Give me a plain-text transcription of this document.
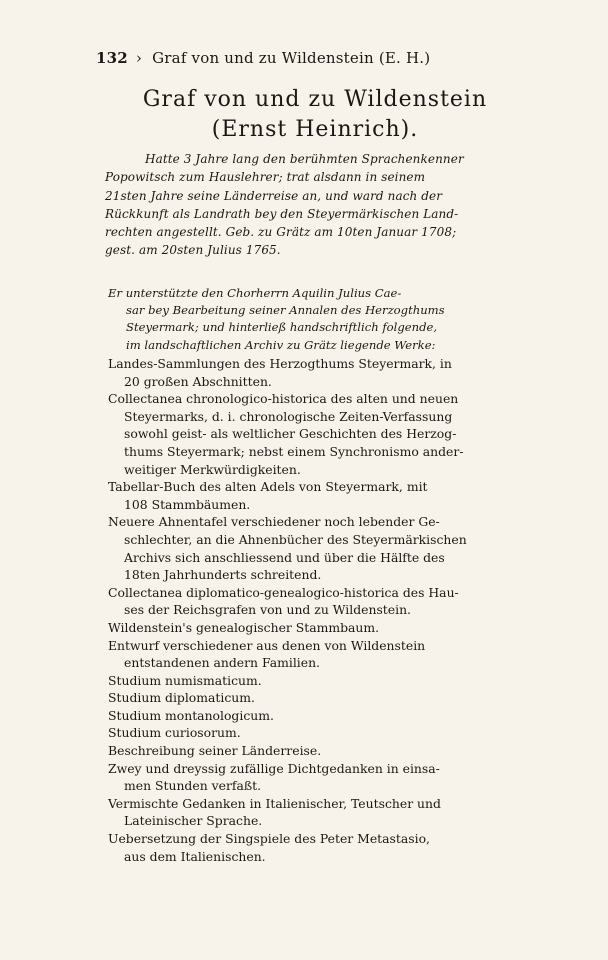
132 › Graf von und zu Wildenstein (E. H.)
Graf von und zu Wildenstein
(Ernst Heinrich).
Hatte 3 Jahre lang den berühmten Sprachenkenner
Popowitsch zum Hauslehrer; trat alsdann in seinem
21sten Jahre seine Länderreise an, und ward nach der
Rückkunft als Landrath bey den Steyermärkischen Land-
rechten angestellt. Geb. zu Grätz am 10ten Januar 1708;
gest. am 20sten Julius 1765.
Er unterstützte den Chorherrn Aquilin Julius Cae-
sar bey Bearbeitung seiner Annalen des Herzogthums
Steyermark; und hinterließ handschriftlich folgende,
im landschaftlichen Archiv zu Grätz liegende Werke:
Landes-Sammlungen des Herzogthums Steyermark, in
20 großen Abschnitten.
Collectanea chronologico-historica des alten und neuen
Steyermarks, d. i. chronologische Zeiten-Verfassung
sowohl geist- als weltlicher Geschichten des Herzog-
thums Steyermark; nebst einem Synchronismo ander-
weitiger Merkwürdigkeiten.
Tabellar-Buch des alten Adels von Steyermark, mit
108 Stammbäumen.
Neuere Ahnentafel verschiedener noch lebender Ge-
schlechter, an die Ahnenbücher des Steyermärkischen
Archivs sich anschliessend und über die Hälfte des
18ten Jahrhunderts schreitend.
Collectanea diplomatico-genealogico-historica des Hau-
ses der Reichsgrafen von und zu Wildenstein.
Wildenstein's genealogischer Stammbaum.
Entwurf verschiedener aus denen von Wildenstein
entstandenen andern Familien.
Studium numismaticum.
Studium diplomaticum.
Studium montanologicum.
Studium curiosorum.
Beschreibung seiner Länderreise.
Zwey und dreyssig zufällige Dichtgedanken in einsa-
men Stunden verfaßt.
Vermischte Gedanken in Italienischer, Teutscher und
Lateinischer Sprache.
Uebersetzung der Singspiele des Peter Metastasio,
aus dem Italienischen.
